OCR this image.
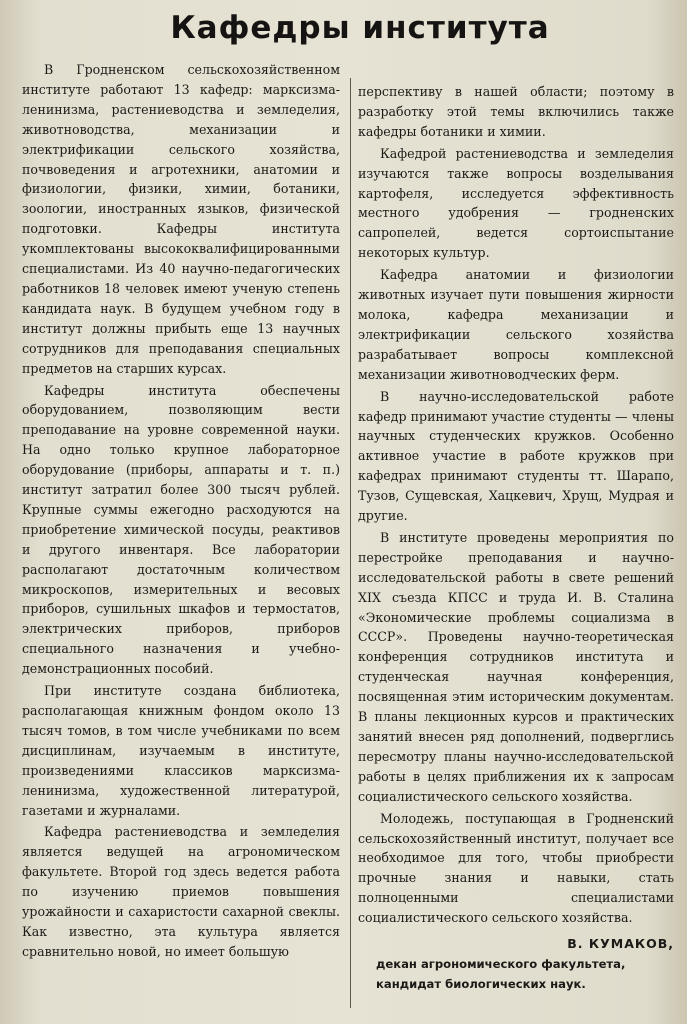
Кафедры института

В Гродненском сельскохозяйственном институте работают 13 кафедр: марксизма-ленинизма, растениеводства и земледелия, животноводства, механизации и электрификации сельского хозяйства, почвоведения и агротехники, анатомии и физиологии, физики, химии, ботаники, зоологии, иностранных языков, физической подготовки. Кафедры института укомплектованы высококвалифицированными специалистами. Из 40 научно-педагогических работников 18 человек имеют ученую степень кандидата наук. В будущем учебном году в институт должны прибыть еще 13 научных сотрудников для преподавания специальных предметов на старших курсах.

Кафедры института обеспечены оборудованием, позволяющим вести преподавание на уровне современной науки. На одно только крупное лабораторное оборудование (приборы, аппараты и т. п.) институт затратил более 300 тысяч рублей. Крупные суммы ежегодно расходуются на приобретение химической посуды, реактивов и другого инвентаря. Все лаборатории располагают достаточным количеством микроскопов, измерительных и весовых приборов, сушильных шкафов и термостатов, электрических приборов, приборов специального назначения и учебно-демонстрационных пособий.

При институте создана библиотека, располагающая книжным фондом около 13 тысяч томов, в том числе учебниками по всем дисциплинам, изучаемым в институте, произведениями классиков марксизма-ленинизма, художественной литературой, газетами и журналами.

Кафедра растениеводства и земледелия является ведущей на агрономическом факультете. Второй год здесь ведется работа по изучению приемов повышения урожайности и сахаристости сахарной свеклы. Как известно, эта культура является сравнительно новой, но имеет большую

перспективу в нашей области; поэтому в разработку этой темы включились также кафедры ботаники и химии.

Кафедрой растениеводства и земледелия изучаются также вопросы возделывания картофеля, исследуется эффективность местного удобрения — гродненских сапропелей, ведется сортоиспытание некоторых культур.

Кафедра анатомии и физиологии животных изучает пути повышения жирности молока, кафедра механизации и электрификации сельского хозяйства разрабатывает вопросы комплексной механизации животноводческих ферм.

В научно-исследовательской работе кафедр принимают участие студенты — члены научных студенческих кружков. Особенно активное участие в работе кружков при кафедрах принимают студенты тт. Шарапо, Тузов, Сущевская, Хацкевич, Хрущ, Мудрая и другие.

В институте проведены мероприятия по перестройке преподавания и научно-исследовательской работы в свете решений XIX съезда КПСС и труда И. В. Сталина «Экономические проблемы социализма в СССР». Проведены научно-теоретическая конференция сотрудников института и студенческая научная конференция, посвященная этим историческим документам. В планы лекционных курсов и практических занятий внесен ряд дополнений, подверглись пересмотру планы научно-исследовательской работы в целях приближения их к запросам социалистического сельского хозяйства.

Молодежь, поступающая в Гродненский сельскохозяйственный институт, получает все необходимое для того, чтобы приобрести прочные знания и навыки, стать полноценными специалистами социалистического сельского хозяйства.

В. КУМАКОВ,
декан агрономического факультета,
кандидат биологических наук.
